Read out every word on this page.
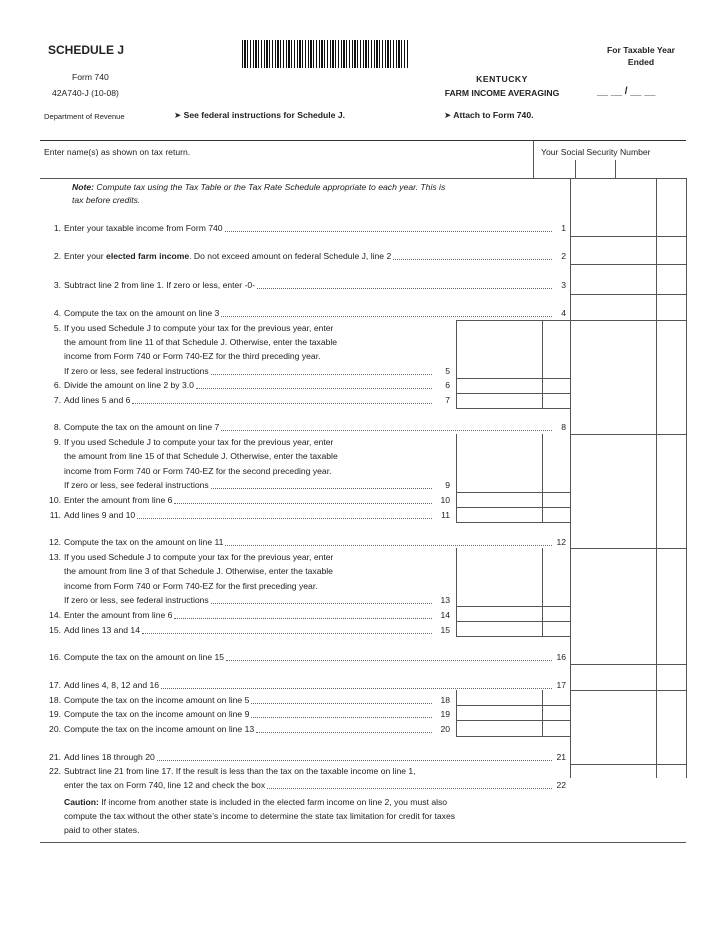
SCHEDULE J	For Taxable Year Ended
Form 740
42A740-J (10-08)
KENTUCKY
FARM INCOME AVERAGING	__ __ / __ __
Department of Revenue	➤ See federal instructions for Schedule J.	➤ Attach to Form 740.
Enter name(s) as shown on tax return.	Your Social Security Number
Note: Compute tax using the Tax Table or the Tax Rate Schedule appropriate to each year. This is
tax before credits.
1. Enter your taxable income from Form 740	1
2. Enter your elected farm income. Do not exceed amount on federal Schedule J, line 2	2
3. Subtract line 2 from line 1. If zero or less, enter -0-	3
4. Compute the tax on the amount on line 3	4
5. If you used Schedule J to compute your tax for the previous year, enter
the amount from line 11 of that Schedule J. Otherwise, enter the taxable
income from Form 740 or Form 740-EZ for the third preceding year.
If zero or less, see federal instructions	5
6. Divide the amount on line 2 by 3.0	6
7. Add lines 5 and 6	7
8. Compute the tax on the amount on line 7	8
9. If you used Schedule J to compute your tax for the previous year, enter
the amount from line 15 of that Schedule J. Otherwise, enter the taxable
income from Form 740 or Form 740-EZ for the second preceding year.
If zero or less, see federal instructions	9
10. Enter the amount from line 6	10
11. Add lines 9 and 10	11
12. Compute the tax on the amount on line 11	12
13. If you used Schedule J to compute your tax for the previous year, enter
the amount from line 3 of that Schedule J. Otherwise, enter the taxable
income from Form 740 or Form 740-EZ for the first preceding year.
If zero or less, see federal instructions	13
14. Enter the amount from line 6	14
15. Add lines 13 and 14	15
16. Compute the tax on the amount on line 15	16
17. Add lines 4, 8, 12 and 16	17
18. Compute the tax on the income amount on line 5	18
19. Compute the tax on the income amount on line 9	19
20. Compute the tax on the income amount on line 13	20
21. Add lines 18 through 20	21
22. Subtract line 21 from line 17. If the result is less than the tax on the taxable income on line 1,
enter the tax on Form 740, line 12 and check the box	22
Caution: If income from another state is included in the elected farm income on line 2, you must also
compute the tax without the other state’s income to determine the state tax limitation for credit for taxes
paid to other states.
